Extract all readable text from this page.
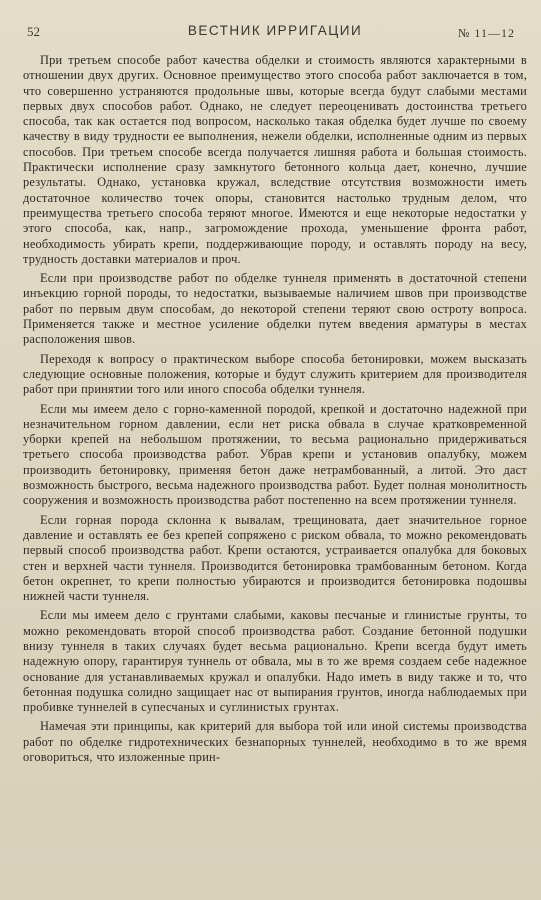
52	ВЕСТНИК ИРРИГАЦИИ	№ 11—12

При третьем способе работ качества обделки и стоимость являются характерными в отношении двух других. Основное преимущество этого способа работ заключается в том, что совершенно устраняются продольные швы, которые всегда будут слабыми местами первых двух способов работ. Однако, не следует переоценивать достоинства третьего способа, так как остается под вопросом, насколько такая обделка будет лучше по своему качеству в виду трудности ее выполнения, нежели обделки, исполненные одним из первых способов. При третьем способе всегда получается лишняя работа и большая стоимость. Практически исполнение сразу замкнутого бетонного кольца дает, конечно, лучшие результаты. Однако, установка кружал, вследствие отсутствия возможности иметь достаточное количество точек опоры, становится настолько трудным делом, что преимущества третьего способа теряют многое. Имеются и еще некоторые недостатки у этого способа, как, напр., загромождение прохода, уменьшение фронта работ, необходимость убирать крепи, поддерживающие породу, и оставлять породу на весу, трудность доставки материалов и проч.

Если при производстве работ по обделке туннеля применять в достаточной степени инъекцию горной породы, то недостатки, вызываемые наличием швов при производстве работ по первым двум способам, до некоторой степени теряют свою остроту вопроса. Применяется также и местное усиление обделки путем введения арматуры в местах расположения швов.

Переходя к вопросу о практическом выборе способа бетонировки, можем высказать следующие основные положения, которые и будут служить критерием для производителя работ при принятии того или иного способа обделки туннеля.

Если мы имеем дело с горно-каменной породой, крепкой и достаточно надежной при незначительном горном давлении, если нет риска обвала в случае кратковременной уборки крепей на небольшом протяжении, то весьма рационально придерживаться третьего способа производства работ. Убрав крепи и установив опалубку, можем производить бетонировку, применяя бетон даже нетрамбованный, а литой. Это даст возможность быстрого, весьма надежного производства работ. Будет полная монолитность сооружения и возможность производства работ постепенно на всем протяжении туннеля.

Если горная порода склонна к вывалам, трещиновата, дает значительное горное давление и оставлять ее без крепей сопряжено с риском обвала, то можно рекомендовать первый способ производства работ. Крепи остаются, устраивается опалубка для боковых стен и верхней части туннеля. Производится бетонировка трамбованным бетоном. Когда бетон окрепнет, то крепи полностью убираются и производится бетонировка подошвы нижней части туннеля.

Если мы имеем дело с грунтами слабыми, каковы песчаные и глинистые грунты, то можно рекомендовать второй способ производства работ. Создание бетонной подушки внизу туннеля в таких случаях будет весьма рационально. Крепи всегда будут иметь надежную опору, гарантируя туннель от обвала, мы в то же время создаем себе надежное основание для устанавливаемых кружал и опалубки. Надо иметь в виду также и то, что бетонная подушка солидно защищает нас от выпирания грунтов, иногда наблюдаемых при пробивке туннелей в супесчаных и суглинистых грунтах.

Намечая эти принципы, как критерий для выбора той или иной системы производства работ по обделке гидротехнических безнапорных туннелей, необходимо в то же время оговориться, что изложенные прин-
